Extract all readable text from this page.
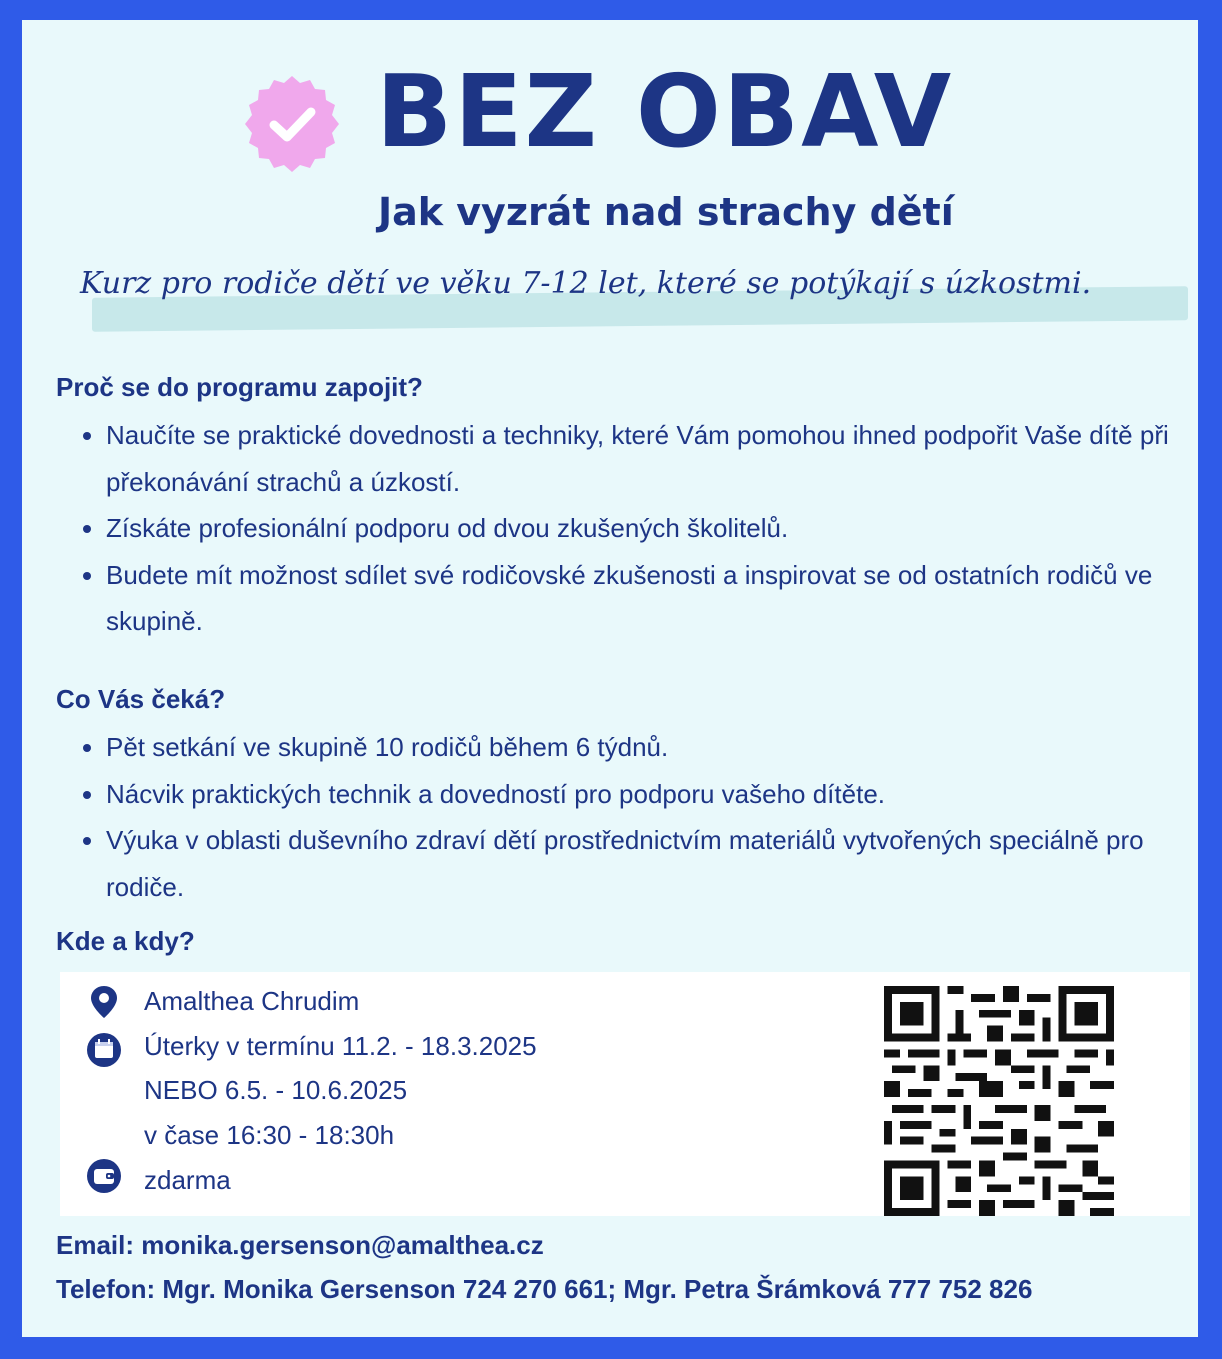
BEZ OBAV
Jak vyzrát nad strachy dětí
Kurz pro rodiče dětí ve věku 7-12 let, které se potýkají s úzkostmi.
Proč se do programu zapojit?
• Naučíte se praktické dovednosti a techniky, které Vám pomohou ihned podpořit Vaše dítě při překonávání strachů a úzkostí.
• Získáte profesionální podporu od dvou zkušených školitelů.
• Budete mít možnost sdílet své rodičovské zkušenosti a inspirovat se od ostatních rodičů ve skupině.
Co Vás čeká?
• Pět setkání ve skupině 10 rodičů během 6 týdnů.
• Nácvik praktických technik a dovedností pro podporu vašeho dítěte.
• Výuka v oblasti duševního zdraví dětí prostřednictvím materiálů vytvořených speciálně pro rodiče.
Kde a kdy?
Amalthea Chrudim
Úterky v termínu 11.2. - 18.3.2025
NEBO 6.5. - 10.6.2025
v čase 16:30 - 18:30h
zdarma
Email: monika.gersenson@amalthea.cz
Telefon: Mgr. Monika Gersenson 724 270 661; Mgr. Petra Šrámková 777 752 826
